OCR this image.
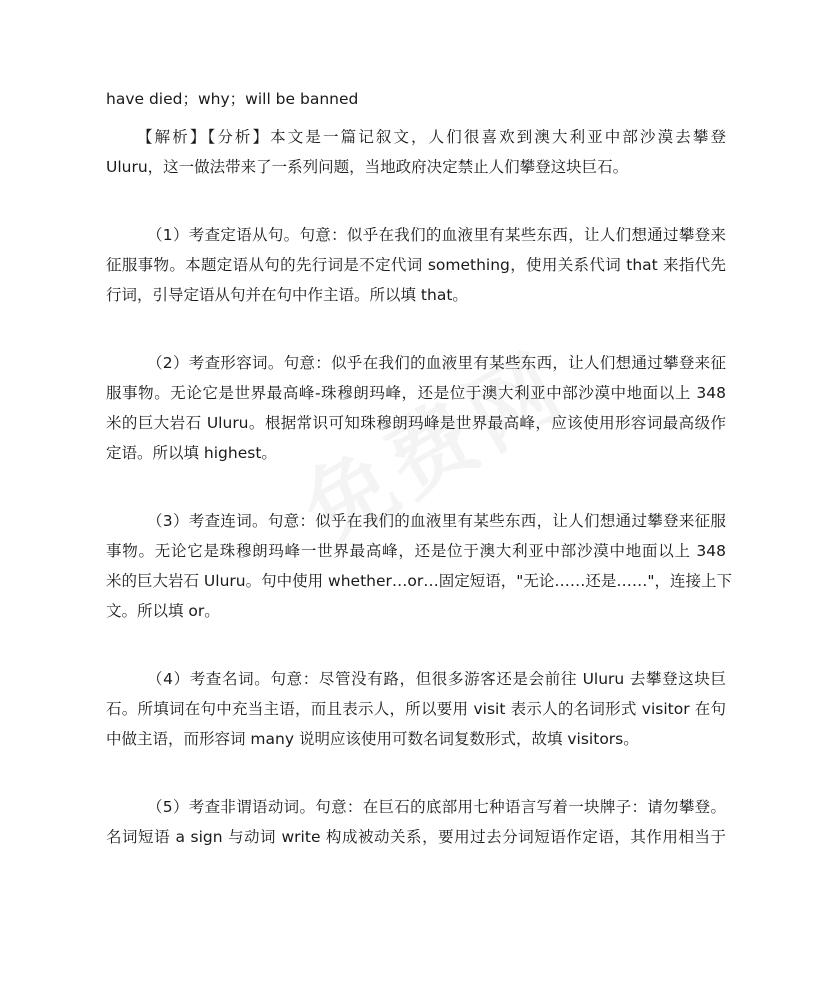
have died；why；will be banned

【解析】【分析】本文是一篇记叙文，人们很喜欢到澳大利亚中部沙漠去攀登

Uluru，这一做法带来了一系列问题，当地政府决定禁止人们攀登这块巨石。

（1）考查定语从句。句意：似乎在我们的血液里有某些东西，让人们想通过攀登来

征服事物。本题定语从句的先行词是不定代词 something，使用关系代词 that 来指代先

行词，引导定语从句并在句中作主语。所以填 that。

（2）考查形容词。句意：似乎在我们的血液里有某些东西，让人们想通过攀登来征

服事物。无论它是世界最高峰-珠穆朗玛峰，还是位于澳大利亚中部沙漠中地面以上 348

米的巨大岩石 Uluru。根据常识可知珠穆朗玛峰是世界最高峰，应该使用形容词最高级作

定语。所以填 highest。

（3）考查连词。句意：似乎在我们的血液里有某些东西，让人们想通过攀登来征服

事物。无论它是珠穆朗玛峰一世界最高峰，还是位于澳大利亚中部沙漠中地面以上 348

米的巨大岩石 Uluru。句中使用 whether…or…固定短语，"无论……还是……"，连接上下

文。所以填 or。

（4）考查名词。句意：尽管没有路，但很多游客还是会前往 Uluru 去攀登这块巨

石。所填词在句中充当主语，而且表示人，所以要用 visit 表示人的名词形式 visitor 在句

中做主语，而形容词 many 说明应该使用可数名词复数形式，故填 visitors。

（5）考查非谓语动词。句意：在巨石的底部用七种语言写着一块牌子：请勿攀登。

名词短语 a sign 与动词 write 构成被动关系，要用过去分词短语作定语，其作用相当于
